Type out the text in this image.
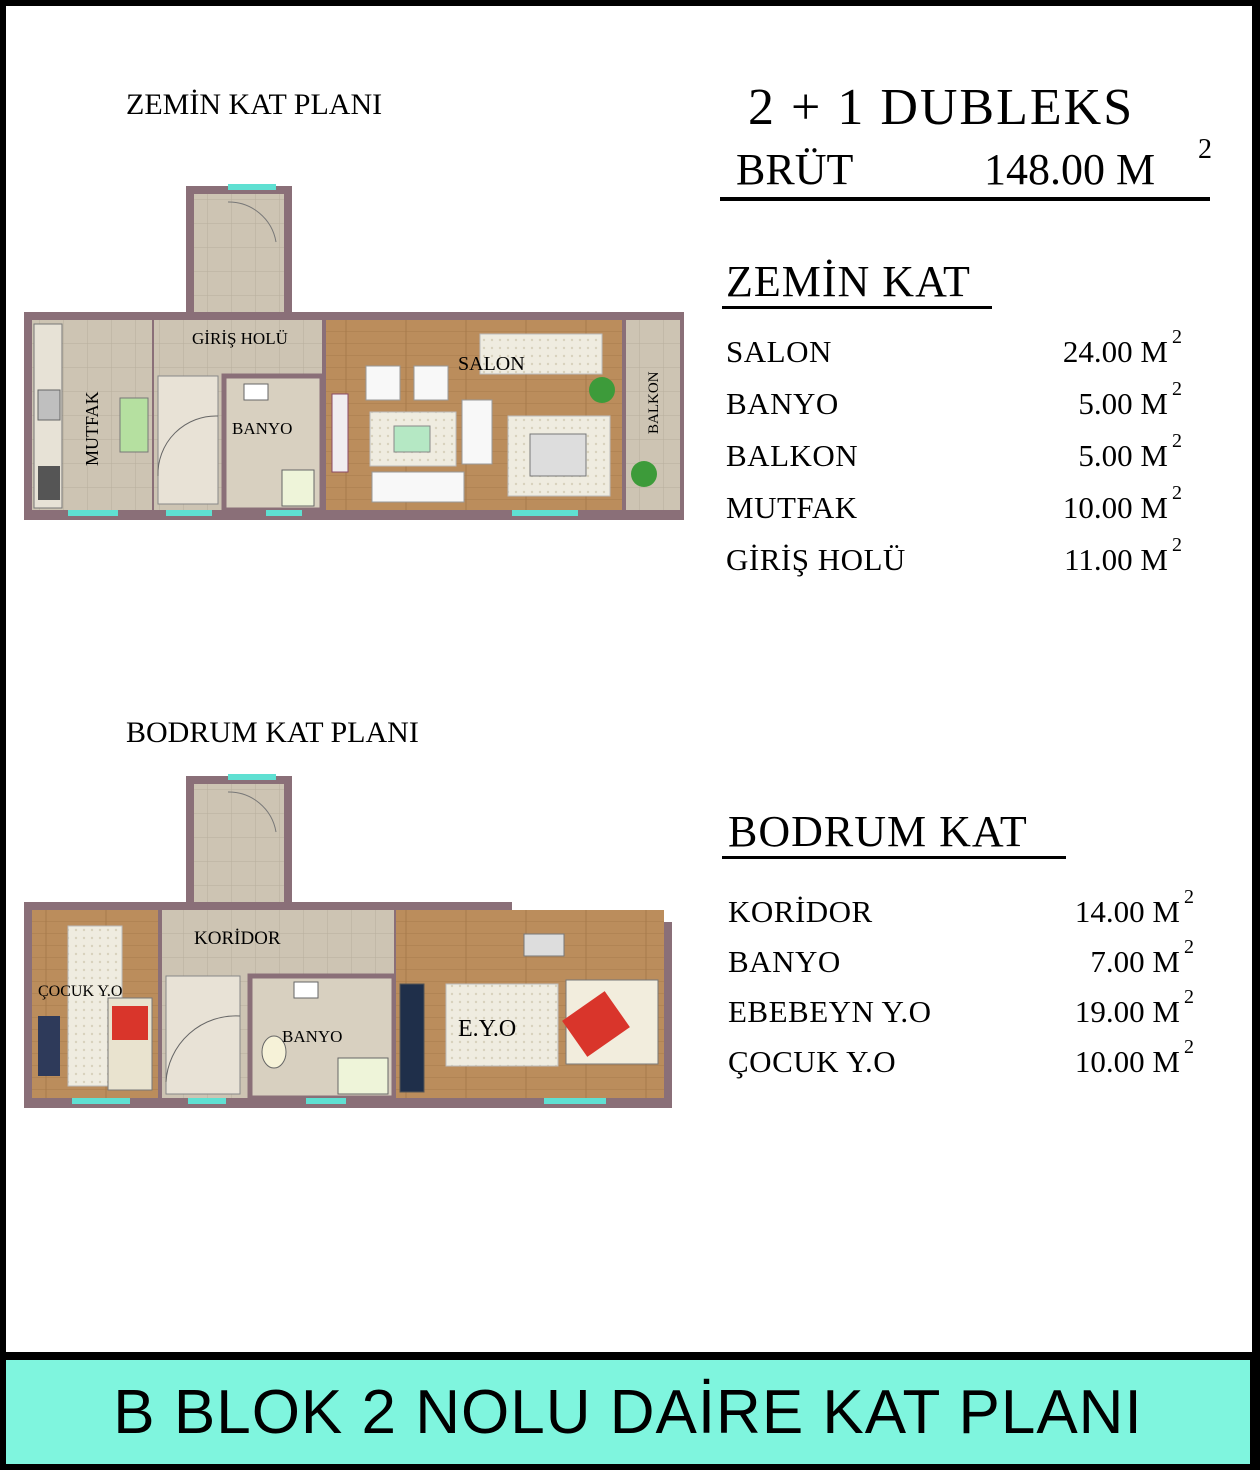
2 + 1 DUBLEKS
BRÜT	148.00 M 2
ZEMİN KAT PLANI
BODRUM KAT PLANI
ZEMİN KAT
SALON	24.00 M 2
BANYO	5.00 M 2
BALKON	5.00 M 2
MUTFAK	10.00 M 2
GİRİŞ HOLÜ	11.00 M 2
BODRUM KAT
KORİDOR	14.00 M 2
BANYO	7.00 M 2
EBEBEYN Y.O	19.00 M 2
ÇOCUK Y.O	10.00 M 2
SALON
GİRİŞ HOLÜ
BANYO
MUTFAK	BALKON
KORİDOR
ÇOCUK Y.O
BANYO	E.Y.O
B BLOK 2 NOLU DAİRE KAT PLANI
